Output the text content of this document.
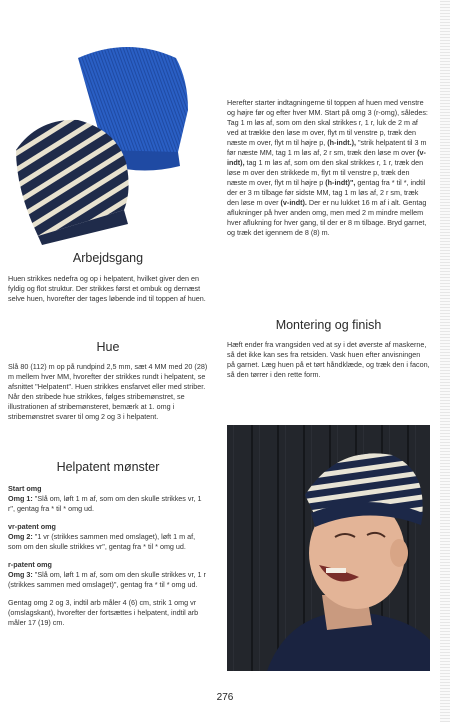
Arbejdsgang

Huen strikkes nedefra og op i helpatent, hvilket giver den en fyldig og flot struktur. Der strikkes først et ombuk og dernæst selve huen, hvorefter der tages løbende ind til toppen af huen.

Hue

Slå 80 (112) m op på rundpind 2,5 mm, sæt 4 MM med 20 (28) m mellem hver MM, hvorefter der strikkes rundt i helpatent, se afsnittet "Helpatent". Huen strikkes ensfarvet eller med striber. Når den stribede hue strikkes, følges stribemønstret, se illustrationen af stribemønsteret, bemærk at 1. omg i stribemønstret svarer til omg 2 og 3 i helpatent.

Helpatent mønster
Start omg

Omg 1: "Slå om, løft 1 m af, som om den skulle strikkes vr, 1 r", gentag fra * til * omg ud.

vr-patent omg

Omg 2: "1 vr (strikkes sammen med omslaget), løft 1 m af, som om den skulle strikkes vr", gentag fra * til * omg ud.

r-patent omg

Omg 3: "Slå om, løft 1 m af, som om den skulle strikkes vr, 1 r (strikkes sammen med omslaget)", gentag fra * til * omg ud.

Gentag omg 2 og 3, indtil arb måler 4 (6) cm, strik 1 omg vr (omslagskant), hvorefter der fortsættes i helpatent, indtil arb måler 17 (19) cm.

Herefter starter indtagningerne til toppen af huen med venstre og højre før og efter hver MM. Start på omg 3 (r-omg), således: Tag 1 m løs af, som om den skal strikkes r, 1 r, luk de 2 m af ved at trække den løse m over, flyt m til venstre p, træk den næste m over, flyt m til højre p, (h-indt.), "strik helpatent til 3 m før næste MM, tag 1 m løs af, 2 r sm, træk den løse m over (v-indt), tag 1 m løs af, som om den skal strikkes r, 1 r, træk den løse m over den strikkede m, flyt m til venstre p, træk den næste m over, flyt m til højre p (h-indt)", gentag fra * til *, indtil der er 3 m tilbage før sidste MM, tag 1 m løs af, 2 r sm, træk den løse m over (v-indt). Der er nu lukket 16 m af i alt. Gentag aflukninger på hver anden omg, men med 2 m mindre mellem hver aflukning for hver gang, til der er 8 m tilbage. Bryd garnet, og træk det igennem de 8 (8) m.

Montering og finish

Hæft ender fra vrangsiden ved at sy i det øverste af maskerne, så det ikke kan ses fra retsiden. Vask huen efter anvisningen på garnet. Læg huen på et tørt håndklæde, og træk den i facon, så den tørrer i den rette form.

276
